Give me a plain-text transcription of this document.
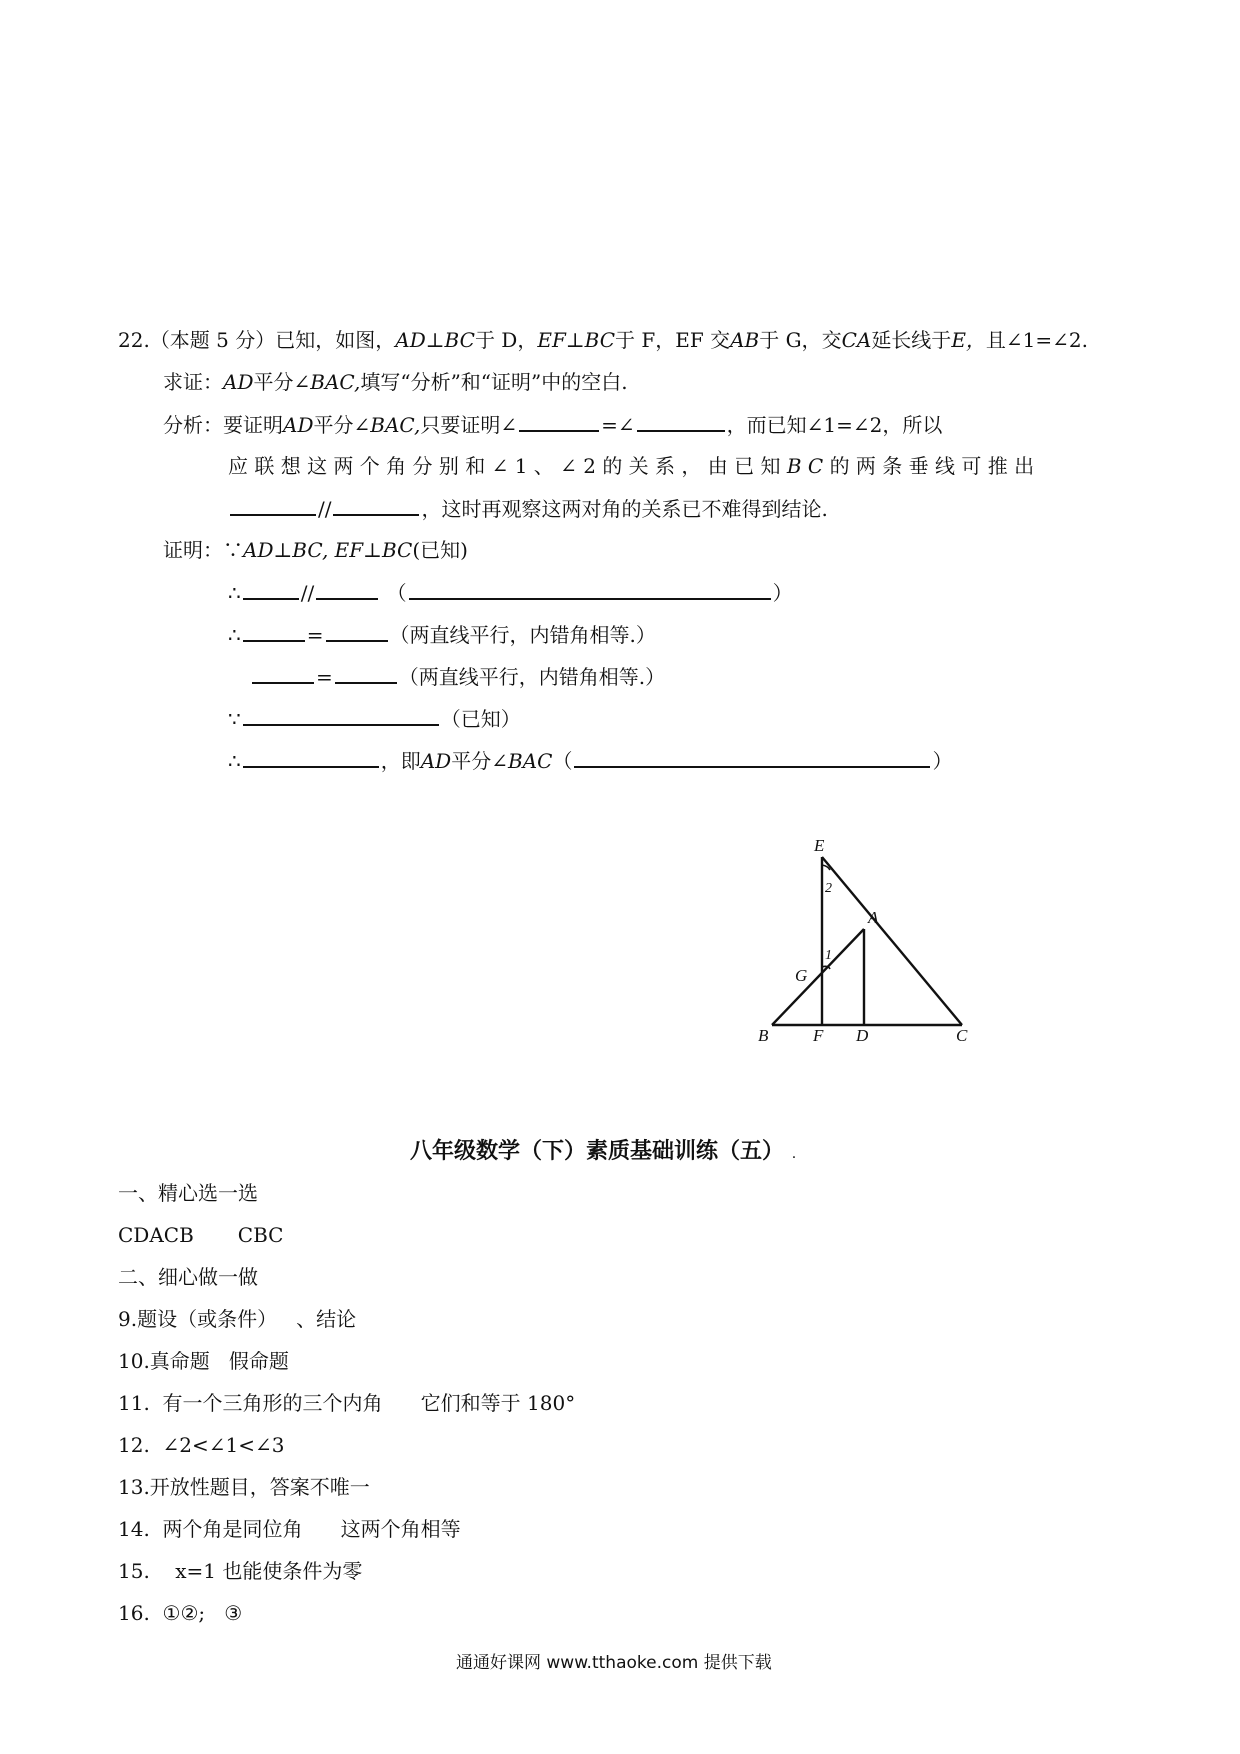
22.（本题 5 分）已知，如图，AD⊥BC于 D，EF⊥BC于 F，EF 交AB于 G，交CA延长线于E，且∠1=∠2.
求证：AD平分∠BAC,填写“分析”和“证明”中的空白.
分析：要证明AD平分∠BAC,只要证明∠	=∠	，而已知∠1=∠2，所以
应 联 想 这 两 个 角 分 别 和 ∠ 1 、 ∠ 2 的 关 系 ， 由 已 知 B C 的 两 条 垂 线 可 推 出
//	，这时再观察这两对角的关系已不难得到结论.
证明：∵AD⊥BC, EF⊥BC(已知)
∴	//	（	）
∴	=	（两直线平行，内错角相等.）
=	（两直线平行，内错角相等.）
∵	（已知）
∴	，即AD平分∠BAC（	）
E
A
G
B	F D	C
2
1
八年级数学（下）素质基础训练（五） .
一、精心选一选
CDACB CBC
二、细心做一做
9.题设（或条件）   、结论
10.真命题   假命题
11.  有一个三角形的三个内角      它们和等于 180°
12.  ∠2<∠1<∠3
13.开放性题目，答案不唯一
14.  两个角是同位角      这两个角相等
15.    x=1 也能使条件为零
16.  ①②;   ③
通通好课网 www.tthaoke.com 提供下载
